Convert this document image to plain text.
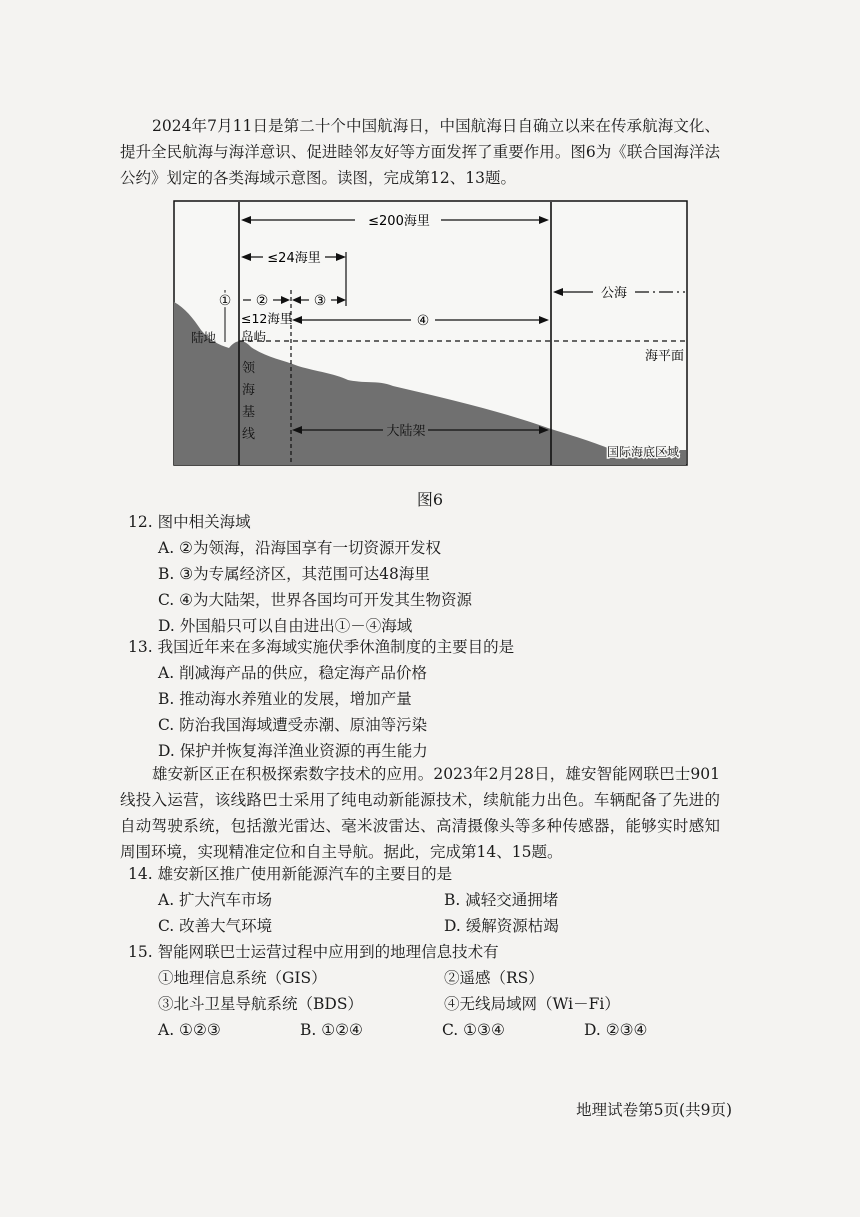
2024年7月11日是第二十个中国航海日，中国航海日自确立以来在传承航海文化、提升全民航海与海洋意识、促进睦邻友好等方面发挥了重要作用。图6为《联合国海洋法公约》划定的各类海域示意图。读图，完成第12、13题。

≤200海里
≤24海里
① ②	③
④
≤12海里
岛屿
陆地
公海
海平面
领
海
基
线	大陆架
国际海底区域
图6
12. 图中相关海域
A. ②为领海，沿海国享有一切资源开发权
B. ③为专属经济区，其范围可达48海里
C. ④为大陆架，世界各国均可开发其生物资源
D. 外国船只可以自由进出①－④海域
13. 我国近年来在多海域实施伏季休渔制度的主要目的是
A. 削减海产品的供应，稳定海产品价格
B. 推动海水养殖业的发展，增加产量
C. 防治我国海域遭受赤潮、原油等污染
D. 保护并恢复海洋渔业资源的再生能力

雄安新区正在积极探索数字技术的应用。2023年2月28日，雄安智能网联巴士901线投入运营，该线路巴士采用了纯电动新能源技术，续航能力出色。车辆配备了先进的自动驾驶系统，包括激光雷达、毫米波雷达、高清摄像头等多种传感器，能够实时感知周围环境，实现精准定位和自主导航。据此，完成第14、15题。

14. 雄安新区推广使用新能源汽车的主要目的是
A. 扩大汽车市场	B. 减轻交通拥堵
C. 改善大气环境	D. 缓解资源枯竭
15. 智能网联巴士运营过程中应用到的地理信息技术有
①地理信息系统（GIS）	②遥感（RS）
③北斗卫星导航系统（BDS）	④无线局域网（Wi－Fi）
A. ①②③	B. ①②④	C. ①③④	D. ②③④
地理试卷第5页(共9页)
